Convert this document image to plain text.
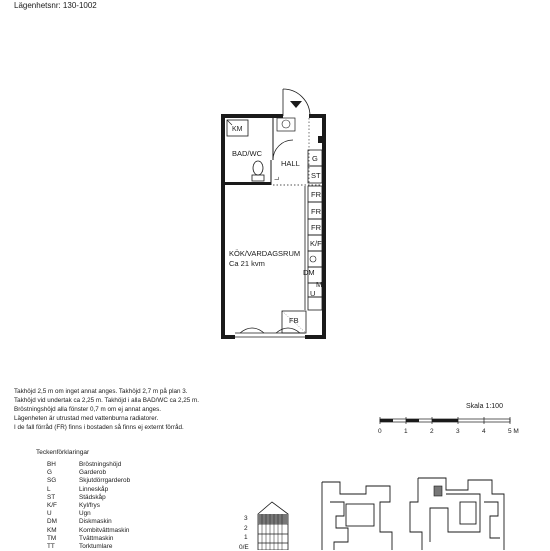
Lägenhetsnr: 130-1002
KM
BAD/WC
HALL
KÖK/VARDAGSRUM
Ca 21 kvm
G
ST
L
FR
FR
FR
K/F
DM
M
U
FB
Takhöjd 2,5 m om inget annat anges. Takhöjd 2,7 m på plan 3.
Takhöjd vid undertak ca 2,25 m. Takhöjd i alla BAD/WC ca 2,25 m.
Bröstningshöjd alla fönster 0,7 m om ej annat anges.
Lägenheten är utrustad med vattenburna radiatorer.
I de fall förråd (FR) finns i bostaden så finns ej externt förråd.
Skala 1:100
0	1	2	3	4	5 M
Teckenförklaringar
BH	Bröstningshöjd
G	Garderob
SG	Skjutdörrgarderob
L	Linneskåp
ST	Städskåp
K/F	Kyl/frys
U	Ugn
DM	Diskmaskin
KM	Kombitvättmaskin
TM	Tvättmaskin
TT	Torktumlare
3
2
1
0/E
